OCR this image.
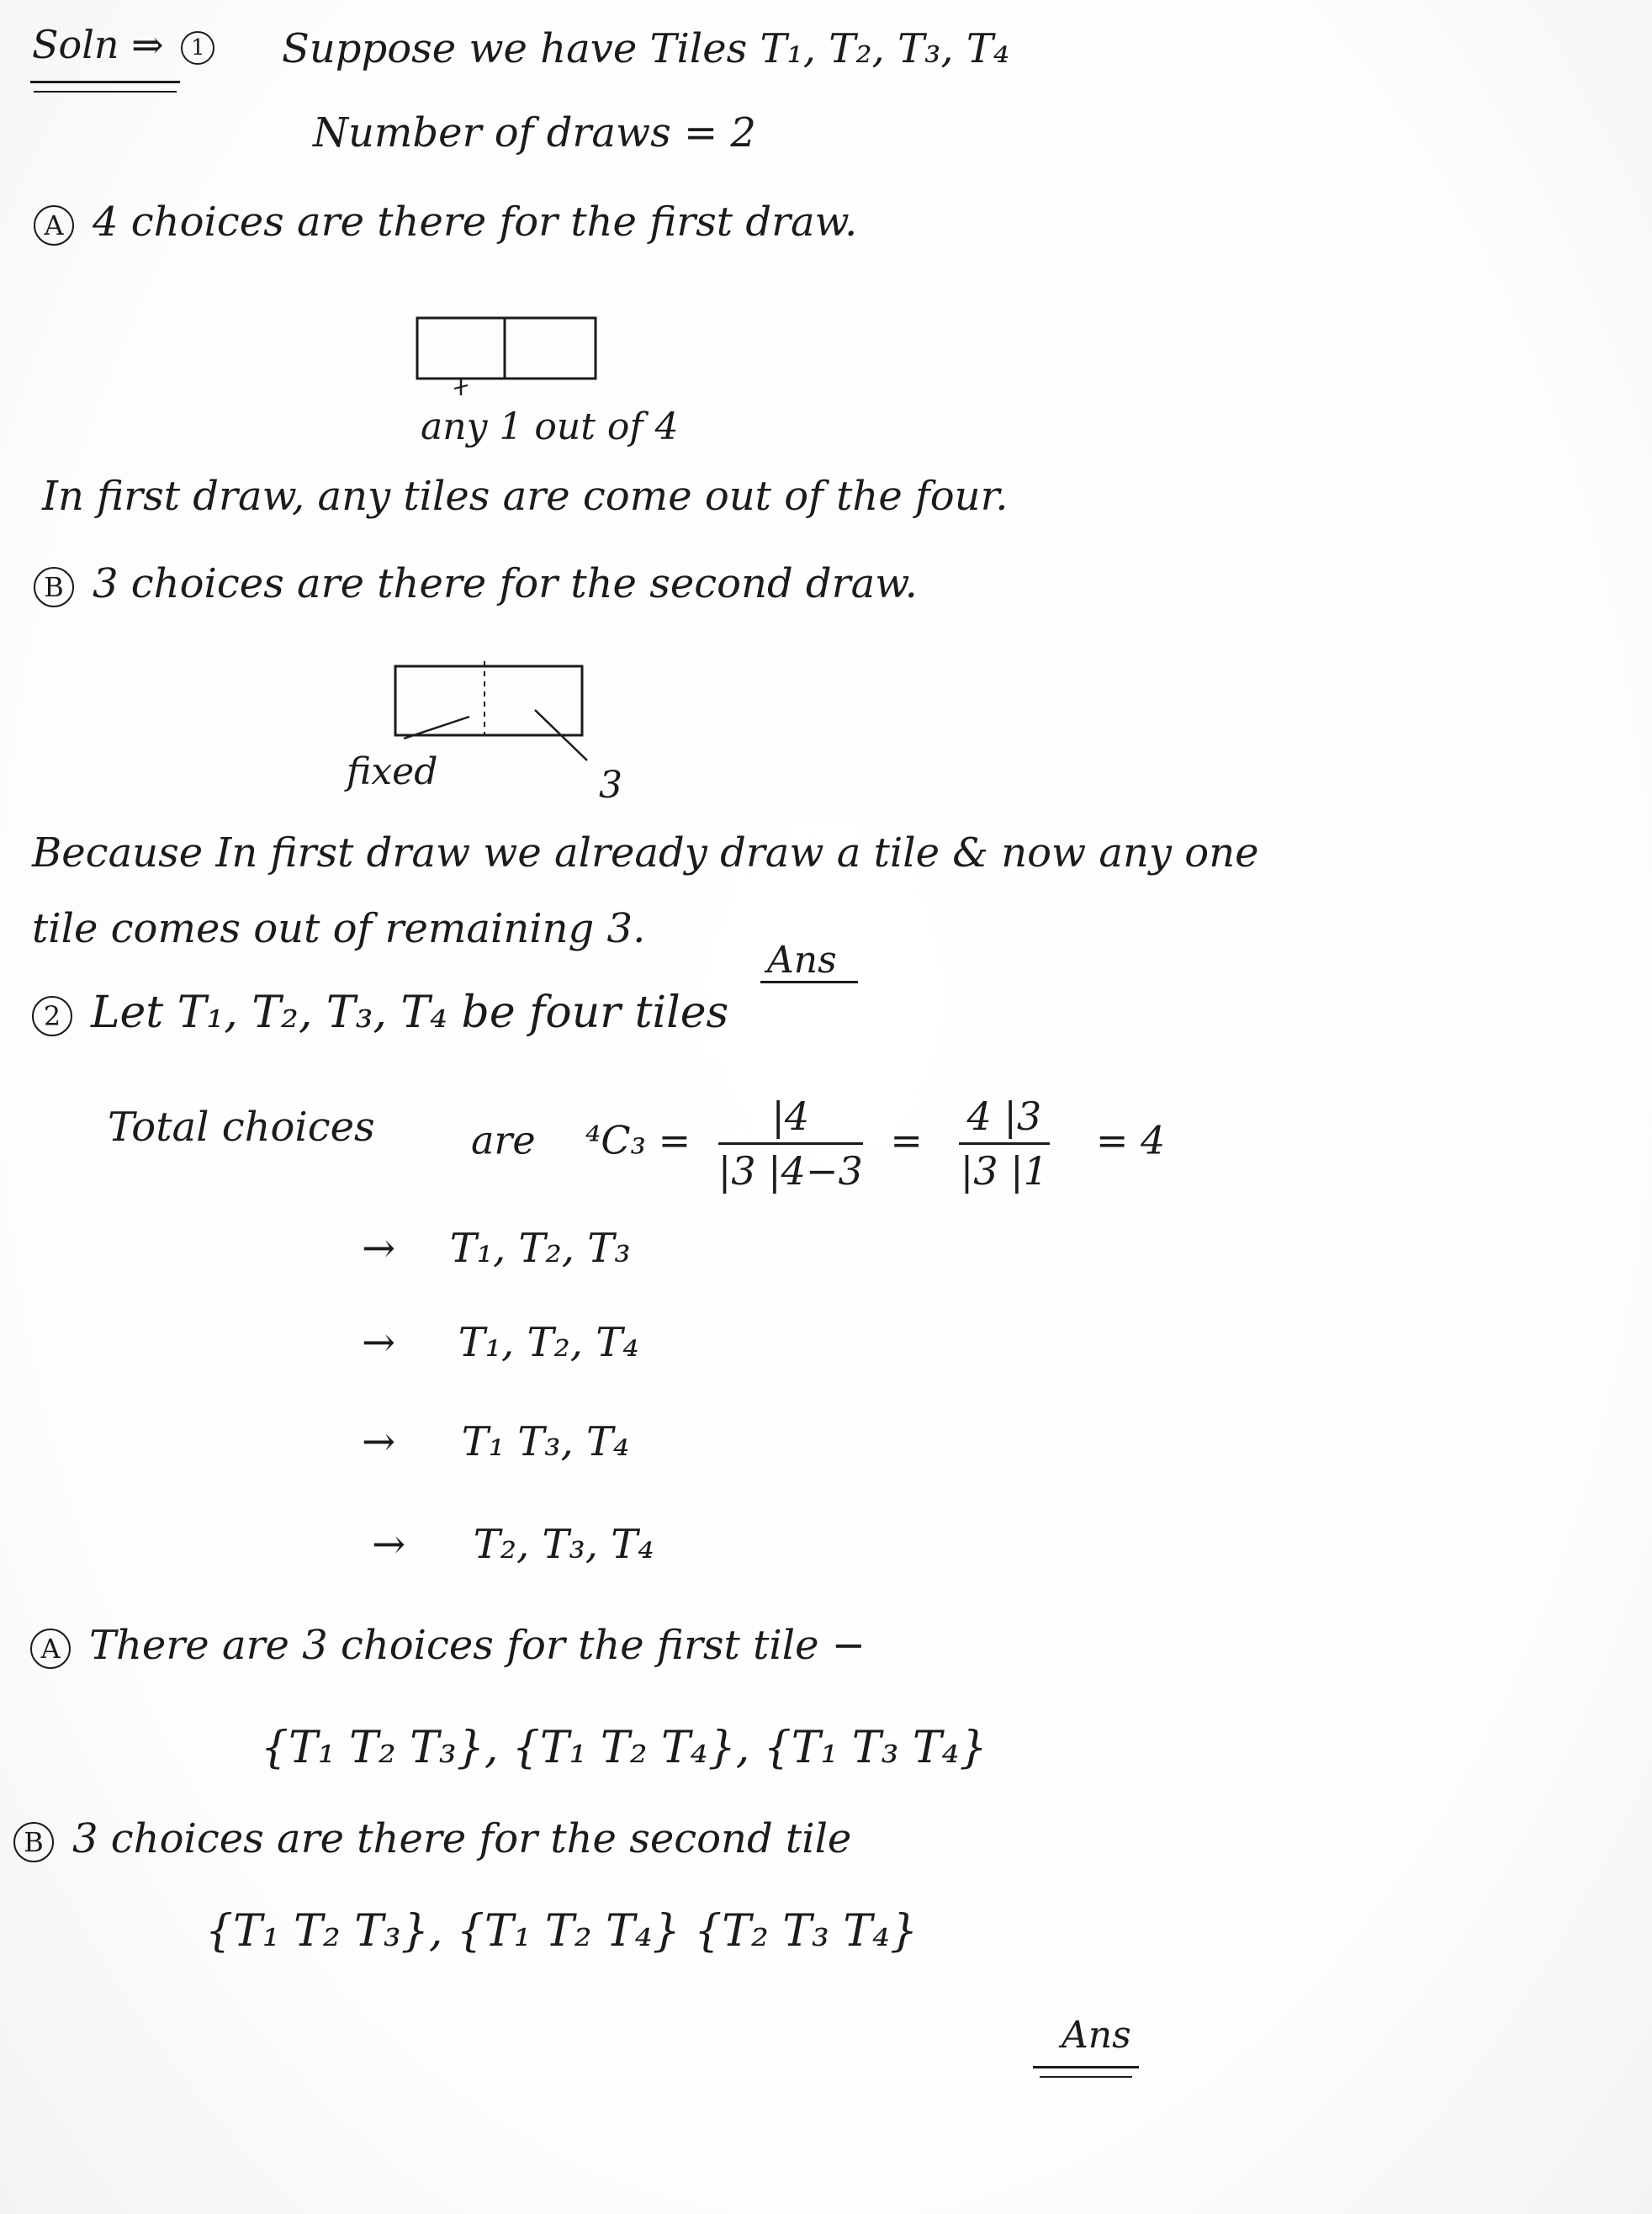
Soln ⇒ 1	Suppose we have Tiles T₁, T₂, T₃, T₄
Number of draws = 2
A 4 choices are there for the first draw.
any 1 out of 4
In first draw, any tiles are come out of the four.
B 3 choices are there for the second draw.
fixed	3
Because In first draw we already draw a tile & now any one
tile comes out of remaining 3.
Ans
2 Let T₁, T₂, T₃, T₄ be four tiles
Total choices are $^4C_3 = \frac{|4}{|3 |4-3} = \frac{4 |3}{|3 |1} = 4$
→ T₁, T₂, T₃
→ T₁, T₂, T₄
→ T₁ T₃, T₄
→ T₂, T₃, T₄
A There are 3 choices for the first tile −
{T₁ T₂ T₃}, {T₁ T₂ T₄}, {T₁ T₃ T₄}
B 3 choices are there for the second tile
{T₁ T₂ T₃}, {T₁ T₂ T₄} {T₂ T₃ T₄}
Ans
